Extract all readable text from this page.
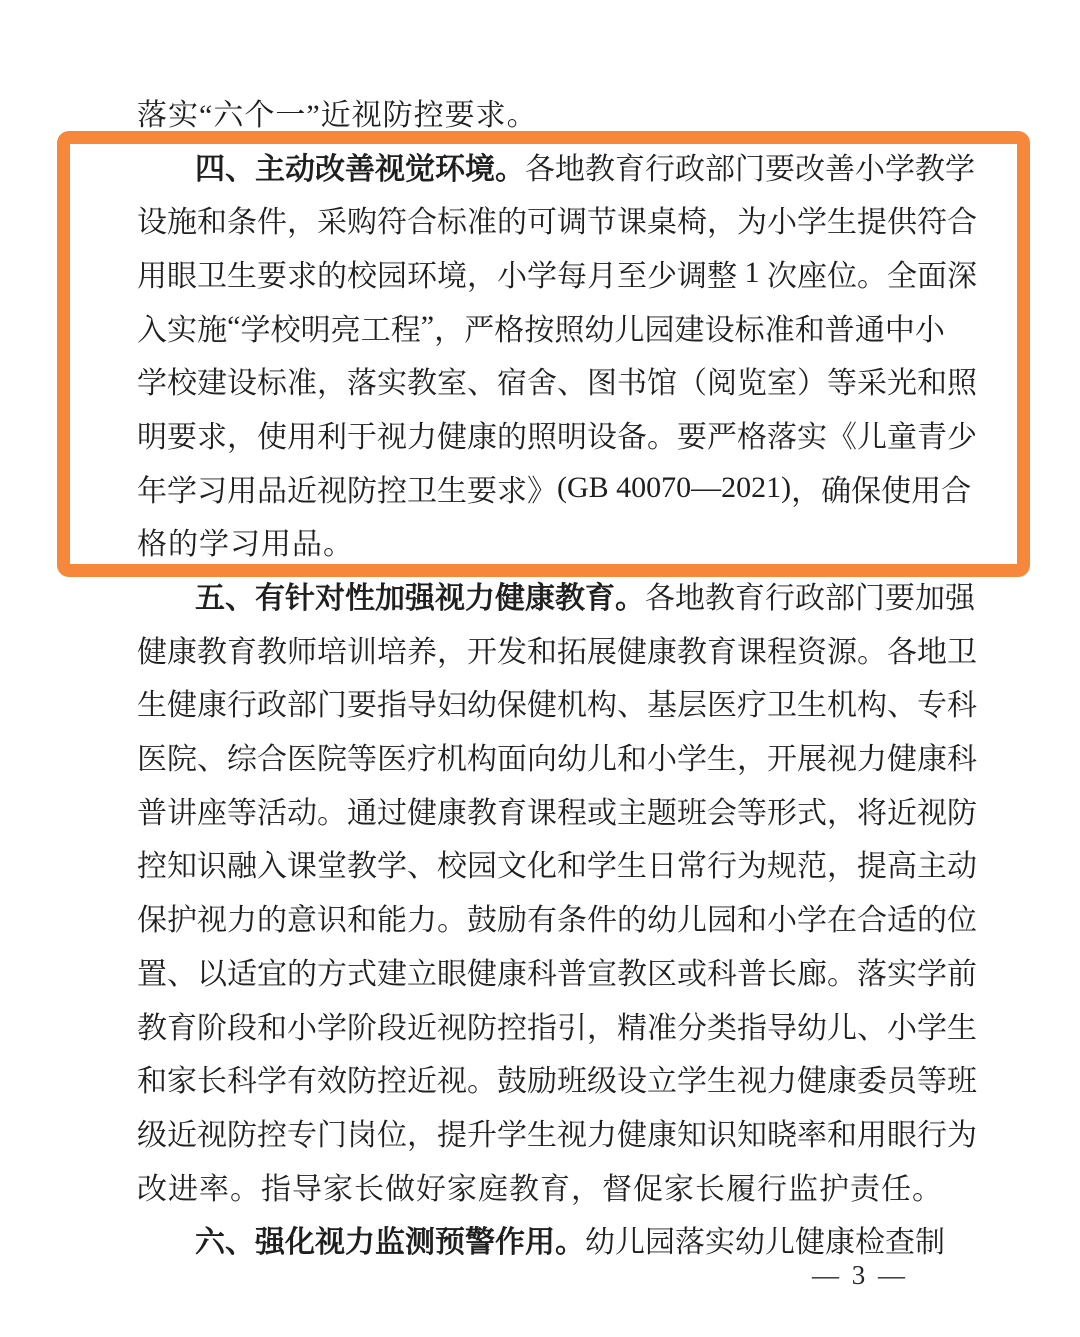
落实“六个一”近视防控要求。
四 、 主 动 改 善 视 觉 环 境 。 各 地 教 育 行 政 部 门 要 改 善 小 学 教 学
设 施 和 条 件 ， 采 购 符 合 标 准 的 可 调 节 课 桌 椅 ， 为 小 学 生 提 供 符 合
用 眼 卫 生 要 求 的 校 园 环 境 ， 小 学 每 月 至 少 调 整 1 次 座 位 。 全 面 深
入 实 施 “ 学 校 明 亮 工 程 ” ， 严 格 按 照 幼 儿 园 建 设 标 准 和 普 通 中 小
学 校 建 设 标 准 ， 落 实 教 室 、 宿 舍 、 图 书 馆 （ 阅 览 室 ） 等 采 光 和 照
明 要 求 ， 使 用 利 于 视 力 健 康 的 照 明 设 备 。 要 严 格 落 实 《 儿 童 青 少
年 学 习 用 品 近 视 防 控 卫 生 要 求 》 (GB 40070 — 2021) ， 确 保 使 用 合
格的学习用品。
五 、 有 针 对 性 加 强 视 力 健 康 教 育 。 各 地 教 育 行 政 部 门 要 加 强
健 康 教 育 教 师 培 训 培 养 ， 开 发 和 拓 展 健 康 教 育 课 程 资 源 。 各 地 卫
生 健 康 行 政 部 门 要 指 导 妇 幼 保 健 机 构 、 基 层 医 疗 卫 生 机 构 、 专 科
医 院 、 综 合 医 院 等 医 疗 机 构 面 向 幼 儿 和 小 学 生 ， 开 展 视 力 健 康 科
普 讲 座 等 活 动 。 通 过 健 康 教 育 课 程 或 主 题 班 会 等 形 式 ， 将 近 视 防
控 知 识 融 入 课 堂 教 学 、 校 园 文 化 和 学 生 日 常 行 为 规 范 ， 提 高 主 动
保 护 视 力 的 意 识 和 能 力 。 鼓 励 有 条 件 的 幼 儿 园 和 小 学 在 合 适 的 位
置 、 以 适 宜 的 方 式 建 立 眼 健 康 科 普 宣 教 区 或 科 普 长 廊 。 落 实 学 前
教 育 阶 段 和 小 学 阶 段 近 视 防 控 指 引 ， 精 准 分 类 指 导 幼 儿 、 小 学 生
和 家 长 科 学 有 效 防 控 近 视 。 鼓 励 班 级 设 立 学 生 视 力 健 康 委 员 等 班
级 近 视 防 控 专 门 岗 位 ， 提 升 学 生 视 力 健 康 知 识 知 晓 率 和 用 眼 行 为
改进率。指导家长做好家庭教育，督促家长履行监护责任。
六 、 强 化 视 力 监 测 预 警 作 用 。 幼 儿 园 落 实 幼 儿 健 康 检 查 制
— 3 —
